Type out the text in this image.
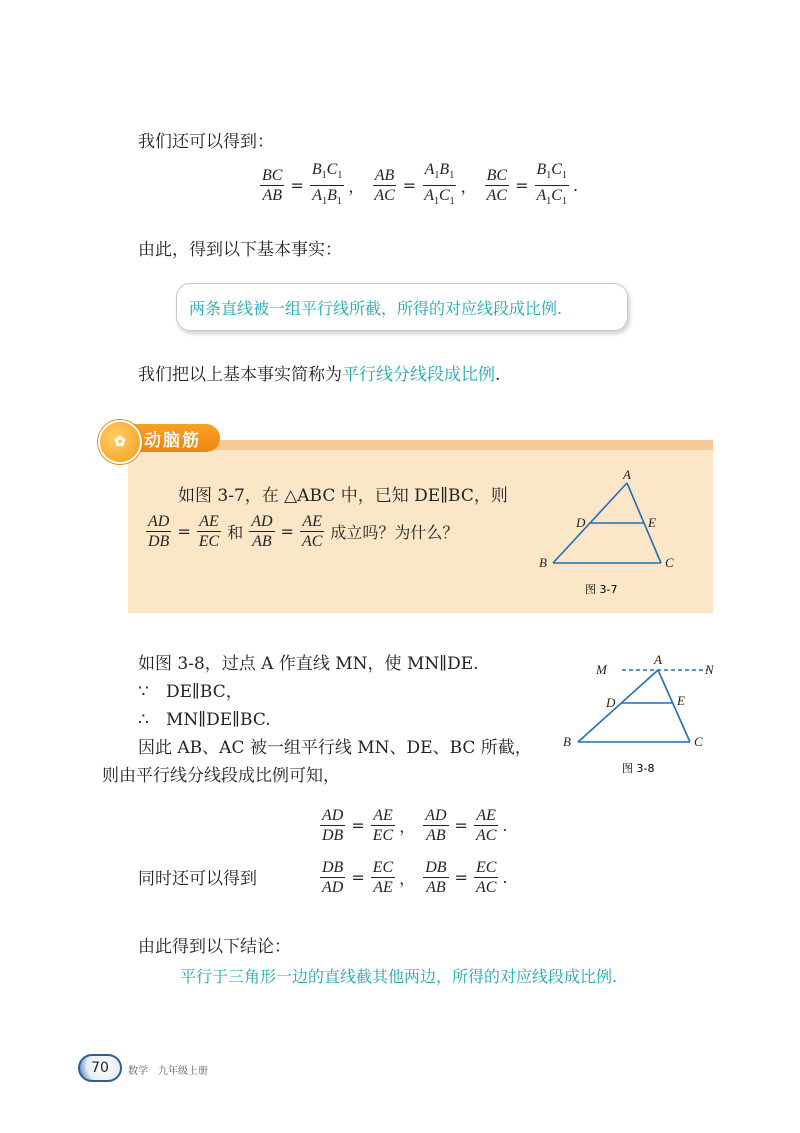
我们还可以得到：
$\frac{BC}{AB} = \frac{B_1C_1}{A_1B_1}$ ， $\frac{AB}{AC} = \frac{A_1B_1}{A_1C_1}$ ， $\frac{BC}{AC} = \frac{B_1C_1}{A_1C_1}$ .
由此，得到以下基本事实：
两条直线被一组平行线所截，所得的对应线段成比例.
我们把以上基本事实简称为平行线分线段成比例.
动脑筋
✿
如图 3-7，在 △ABC 中，已知 DE∥BC，则
$\frac{AD}{DB} = \frac{AE}{EC}$ 和 $\frac{AD}{AB} = \frac{AE}{AC}$ 成立吗？为什么？
A
B	C
D	E
图 3-7
如图 3-8，过点 A 作直线 MN，使 MN∥DE.
∵ DE∥BC，
∴ MN∥DE∥BC.
因此 AB、AC 被一组平行线 MN、DE、BC 所截，
则由平行线分线段成比例可知，
M
A
N
D	E
B	C
图 3-8
$\frac{AD}{DB} = \frac{AE}{EC}$ ， $\frac{AD}{AB} = \frac{AE}{AC}$ .
同时还可以得到	$\frac{DB}{AD} = \frac{EC}{AE}$ ， $\frac{DB}{AB} = \frac{EC}{AC}$ .
由此得到以下结论：
平行于三角形一边的直线截其他两边，所得的对应线段成比例.
70	数学　九年级上册
